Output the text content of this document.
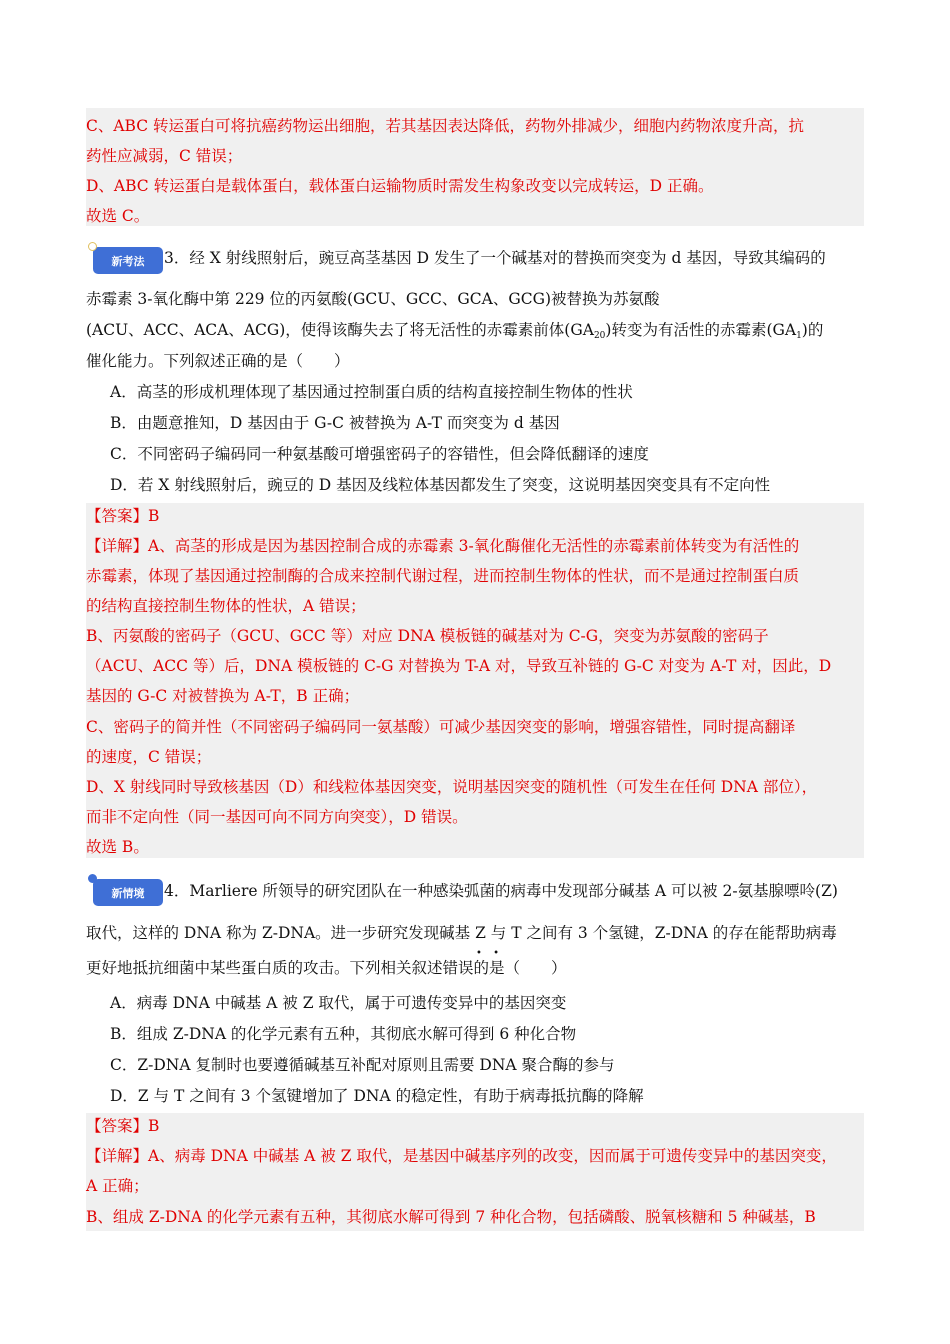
C、ABC 转运蛋白可将抗癌药物运出细胞，若其基因表达降低，药物外排减少，细胞内药物浓度升高，抗
药性应减弱，C 错误；
D、ABC 转运蛋白是载体蛋白，载体蛋白运输物质时需发生构象改变以完成转运，D 正确。
故选 C。
新考法 3．经 X 射线照射后，豌豆高茎基因 D 发生了一个碱基对的替换而突变为 d 基因，导致其编码的
赤霉素 3-氧化酶中第 229 位的丙氨酸(GCU、GCC、GCA、GCG)被替换为苏氨酸
(ACU、ACC、ACA、ACG)，使得该酶失去了将无活性的赤霉素前体$(GA_{20})$转变为有活性的赤霉素$(GA_1)$的
催化能力。下列叙述正确的是（　　）
A．高茎的形成机理体现了基因通过控制蛋白质的结构直接控制生物体的性状
B．由题意推知，D 基因由于 G-C 被替换为 A-T 而突变为 d 基因
C．不同密码子编码同一种氨基酸可增强密码子的容错性，但会降低翻译的速度
D．若 X 射线照射后，豌豆的 D 基因及线粒体基因都发生了突变，这说明基因突变具有不定向性
【答案】B
【详解】A、高茎的形成是因为基因控制合成的赤霉素 3-氧化酶催化无活性的赤霉素前体转变为有活性的
赤霉素，体现了基因通过控制酶的合成来控制代谢过程，进而控制生物体的性状，而不是通过控制蛋白质
的结构直接控制生物体的性状，A 错误；
B、丙氨酸的密码子（GCU、GCC 等）对应 DNA 模板链的碱基对为 C-G，突变为苏氨酸的密码子
（ACU、ACC 等）后，DNA 模板链的 C-G 对替换为 T-A 对，导致互补链的 G-C 对变为 A-T 对，因此，D
基因的 G-C 对被替换为 A-T，B 正确；
C、密码子的简并性（不同密码子编码同一氨基酸）可减少基因突变的影响，增强容错性，同时提高翻译
的速度，C 错误；
D、X 射线同时导致核基因（D）和线粒体基因突变，说明基因突变的随机性（可发生在任何 DNA 部位），
而非不定向性（同一基因可向不同方向突变），D 错误。
故选 B。
新情境 4．Marliere 所领导的研究团队在一种感染弧菌的病毒中发现部分碱基 A 可以被 2-氨基腺嘌呤(Z)
取代，这样的 DNA 称为 Z-DNA。进一步研究发现碱基 Z 与 T 之间有 3 个氢键，Z-DNA 的存在能帮助病毒
• •
更好地抵抗细菌中某些蛋白质的攻击。下列相关叙述错误的是（　　）
A．病毒 DNA 中碱基 A 被 Z 取代，属于可遗传变异中的基因突变
B．组成 Z-DNA 的化学元素有五种，其彻底水解可得到 6 种化合物
C．Z-DNA 复制时也要遵循碱基互补配对原则且需要 DNA 聚合酶的参与
D．Z 与 T 之间有 3 个氢键增加了 DNA 的稳定性，有助于病毒抵抗酶的降解
【答案】B
【详解】A、病毒 DNA 中碱基 A 被 Z 取代，是基因中碱基序列的改变，因而属于可遗传变异中的基因突变，
A 正确；
B、组成 Z-DNA 的化学元素有五种，其彻底水解可得到 7 种化合物，包括磷酸、脱氧核糖和 5 种碱基，B
